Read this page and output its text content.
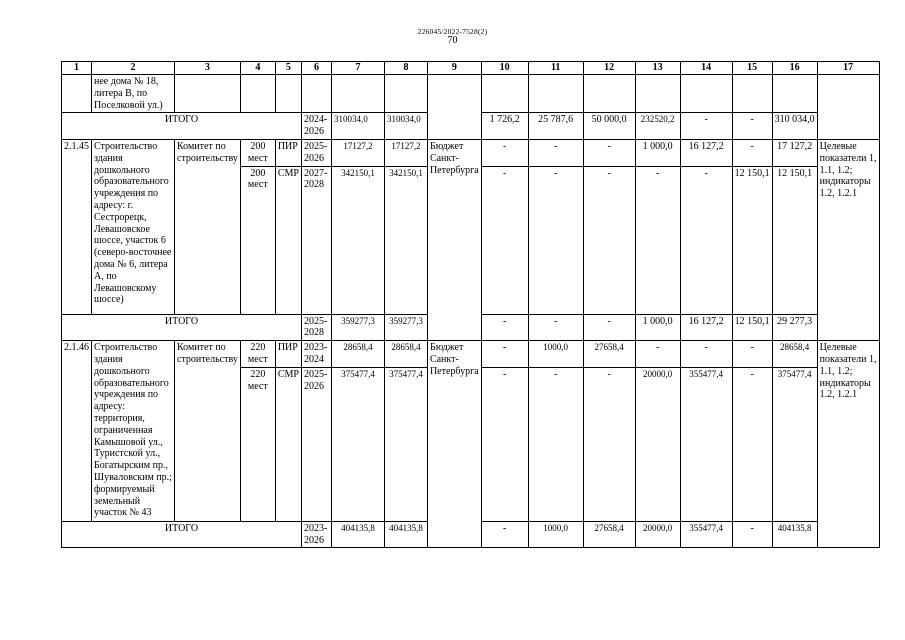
226045/2022-7528(2)
70
1	2	3	4	5	6	7	8	9	10	11	12	13	14	15	16	17
	нее дома № 18, литера В, по Поселковой ул.)															
ИТОГО					2024-2026	310034,0	310034,0		1 726,2	25 787,6	50 000,0	232520,2	-	-	310 034,0	
2.1.45	Строительство здания дошкольного образовательного учреждения по адресу: г. Сестрорецк, Левашовское шоссе, участок 6 (северо-восточнее дома № 6, литера А, по Левашовскому шоссе)	Комитет по строительству	200 мест	ПИР	2025-2026	17127,2	17127,2	Бюджет Санкт-Петербурга	-	-	-	1 000,0	16 127,2	-	17 127,2	Целевые показатели 1, 1.1, 1.2; индикаторы 1.2, 1.2.1
			200 мест	СМР	2027-2028	342150,1	342150,1		-	-	-	-	-	12 150,1	12 150,1	
ИТОГО					2025-2028	359277,3	359277,3		-	-	-	1 000,0	16 127,2	12 150,1	29 277,3	
2.1.46	Строительство здания дошкольного образовательного учреждения по адресу: территория, ограниченная Камышовой ул., Туристской ул., Богатырским пр., Шуваловским пр.; формируемый земельный участок № 43	Комитет по строительству	220 мест	ПИР	2023-2024	28658,4	28658,4	Бюджет Санкт-Петербурга	-	1000,0	27658,4	-	-	-	28658,4	Целевые показатели 1, 1.1, 1.2; индикаторы 1.2, 1.2.1
			220 мест	СМР	2025-2026	375477,4	375477,4		-	-	-	20000,0	355477,4	-	375477,4	
ИТОГО					2023-2026	404135,8	404135,8		-	1000,0	27658,4	20000,0	355477,4	-	404135,8	
